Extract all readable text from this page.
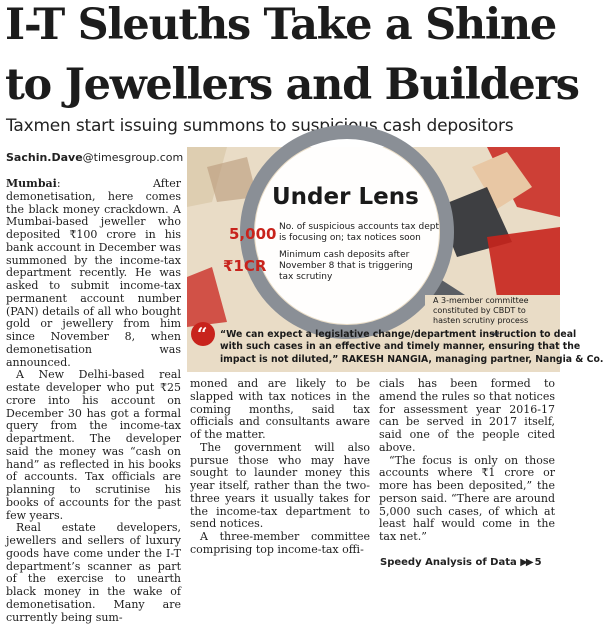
I-T Sleuths Take a Shine
to Jewellers and Builders
Taxmen start issuing summons to suspicious cash depositors
Sachin.Dave@timesgroup.com

Mumbai: After demonetisation, here comes the black money crackdown. A Mumbai-based jeweller who deposited ₹100 crore in his bank account in December was summoned by the income-tax department recently. He was asked to submit income-tax permanent account number (PAN) details of all who bought gold or jewellery from him since November 8, when demonetisation was announced.

A New Delhi-based real estate developer who put ₹25 crore into his account on December 30 has got a formal query from the income-tax department. The developer said the money was “cash on hand” as reflected in his books of accounts. Tax officials are planning to scrutinise his books of accounts for the past few years.

Real estate developers, jewellers and sellers of luxury goods have come under the I-T department’s scanner as part of the exercise to unearth black money in the wake of demonetisation. Many are currently being sum-

“
Under Lens
5,000 No. of suspicious accounts tax dept
is focusing on; tax notices soon
₹1CR
Minimum cash deposits after
November 8 that is triggering
tax scrutiny
A 3-member committee
constituted by CBDT to
hasten scrutiny process
“We can expect a legislative change/department instruction to deal
with such cases in an effective and timely manner, ensuring that the
impact is not diluted,” RAKESH NANGIA, managing partner, Nangia & Co.

moned and are likely to be slapped with tax notices in the coming months, said tax officials and consultants aware of the matter.

The government will also pursue those who may have sought to launder money this year itself, rather than the two-three years it usually takes for the income-tax department to send notices.

A three-member committee comprising top income-tax offi-

cials has been formed to amend the rules so that notices for assessment year 2016-17 can be served in 2017 itself, said one of the people cited above.

“The focus is only on those accounts where ₹1 crore or more has been deposited,” the person said. “There are around 5,000 such cases, of which at least half would come in the tax net.”

Speedy Analysis of Data ▶▶ 5
